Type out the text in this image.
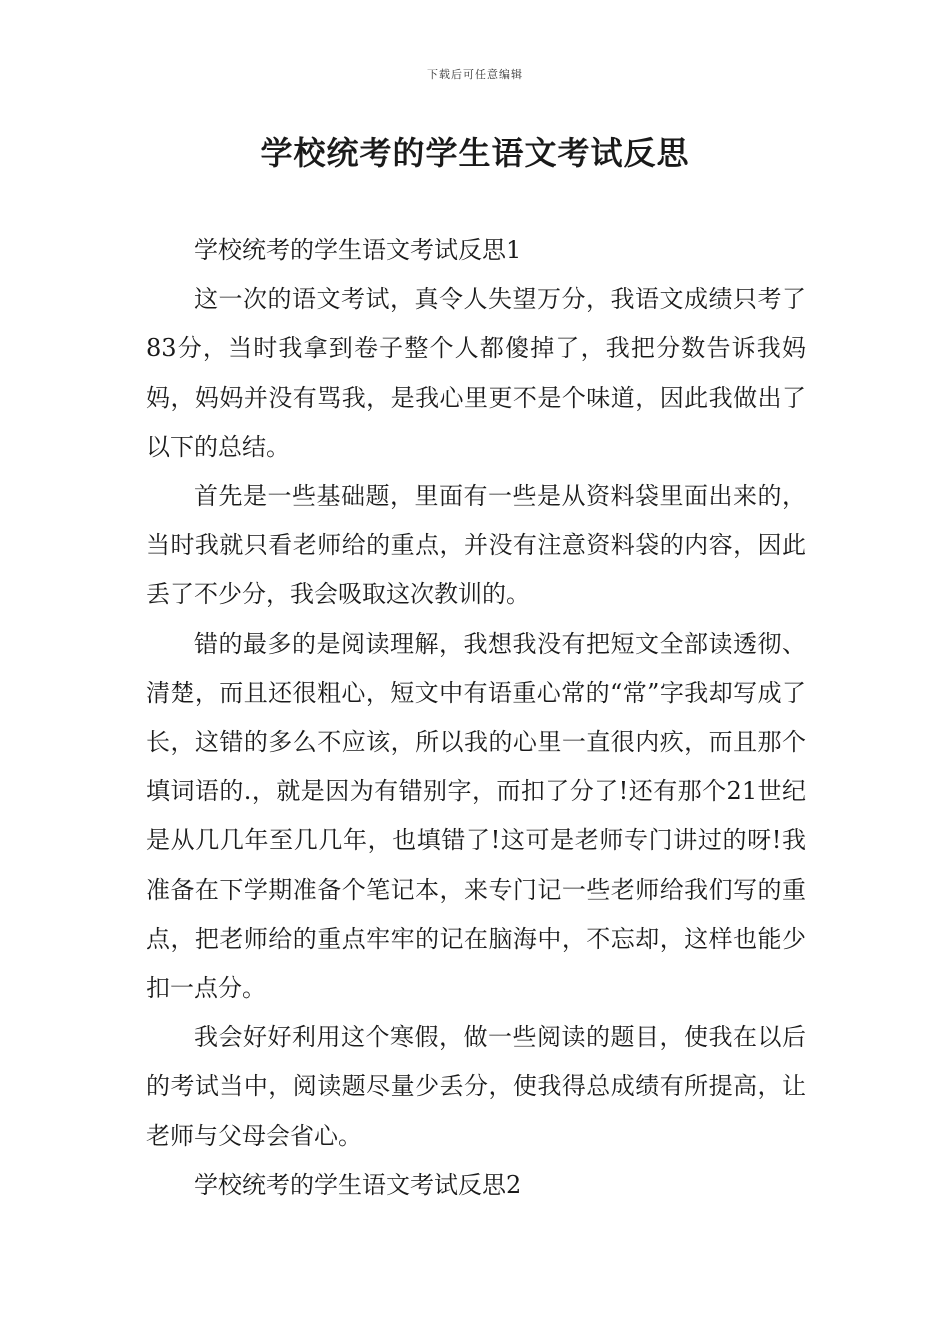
下载后可任意编辑
学校统考的学生语文考试反思

学校统考的学生语文考试反思1

这一次的语文考试，真令人失望万分，我语文成绩只考了83分，当时我拿到卷子整个人都傻掉了，我把分数告诉我妈妈，妈妈并没有骂我，是我心里更不是个味道，因此我做出了以下的总结。

首先是一些基础题，里面有一些是从资料袋里面出来的，当时我就只看老师给的重点，并没有注意资料袋的内容，因此丢了不少分，我会吸取这次教训的。

错的最多的是阅读理解，我想我没有把短文全部读透彻、清楚，而且还很粗心，短文中有语重心常的“常”字我却写成了长，这错的多么不应该，所以我的心里一直很内疚，而且那个填词语的.，就是因为有错别字，而扣了分了!还有那个21世纪是从几几年至几几年，也填错了!这可是老师专门讲过的呀!我准备在下学期准备个笔记本，来专门记一些老师给我们写的重点，把老师给的重点牢牢的记在脑海中，不忘却，这样也能少扣一点分。

我会好好利用这个寒假，做一些阅读的题目，使我在以后的考试当中，阅读题尽量少丢分，使我得总成绩有所提高，让老师与父母会省心。

学校统考的学生语文考试反思2
